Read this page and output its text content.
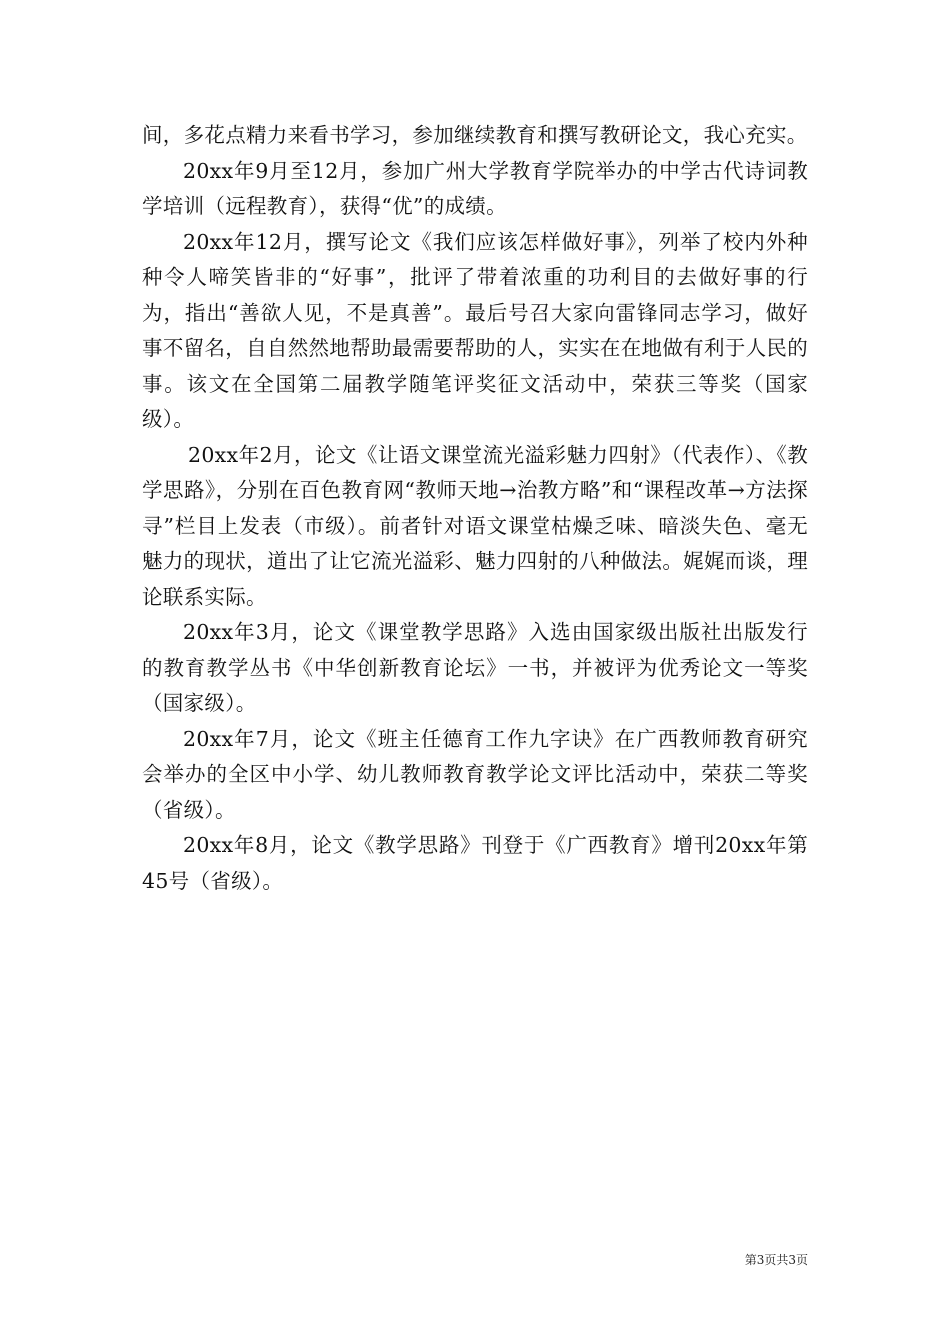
间，多花点精力来看书学习，参加继续教育和撰写教研论文，我心充实。

20xx年9月至12月，参加广州大学教育学院举办的中学古代诗词教学培训（远程教育），获得“优”的成绩。

20xx年12月，撰写论文《我们应该怎样做好事》，列举了校内外种种令人啼笑皆非的“好事”，批评了带着浓重的功利目的去做好事的行为，指出“善欲人见，不是真善”。最后号召大家向雷锋同志学习，做好事不留名，自自然然地帮助最需要帮助的人，实实在在地做有利于人民的事。该文在全国第二届教学随笔评奖征文活动中，荣获三等奖（国家级）。

20xx年2月，论文《让语文课堂流光溢彩魅力四射》（代表作）、《教学思路》，分别在百色教育网“教师天地→治教方略”和“课程改革→方法探寻”栏目上发表（市级）。前者针对语文课堂枯燥乏味、暗淡失色、毫无魅力的现状，道出了让它流光溢彩、魅力四射的八种做法。娓娓而谈，理论联系实际。

20xx年3月，论文《课堂教学思路》入选由国家级出版社出版发行的教育教学丛书《中华创新教育论坛》一书，并被评为优秀论文一等奖（国家级）。

20xx年7月，论文《班主任德育工作九字诀》在广西教师教育研究会举办的全区中小学、幼儿教师教育教学论文评比活动中，荣获二等奖（省级）。

20xx年8月，论文《教学思路》刊登于《广西教育》增刊20xx年第45号（省级）。

第3页共3页
